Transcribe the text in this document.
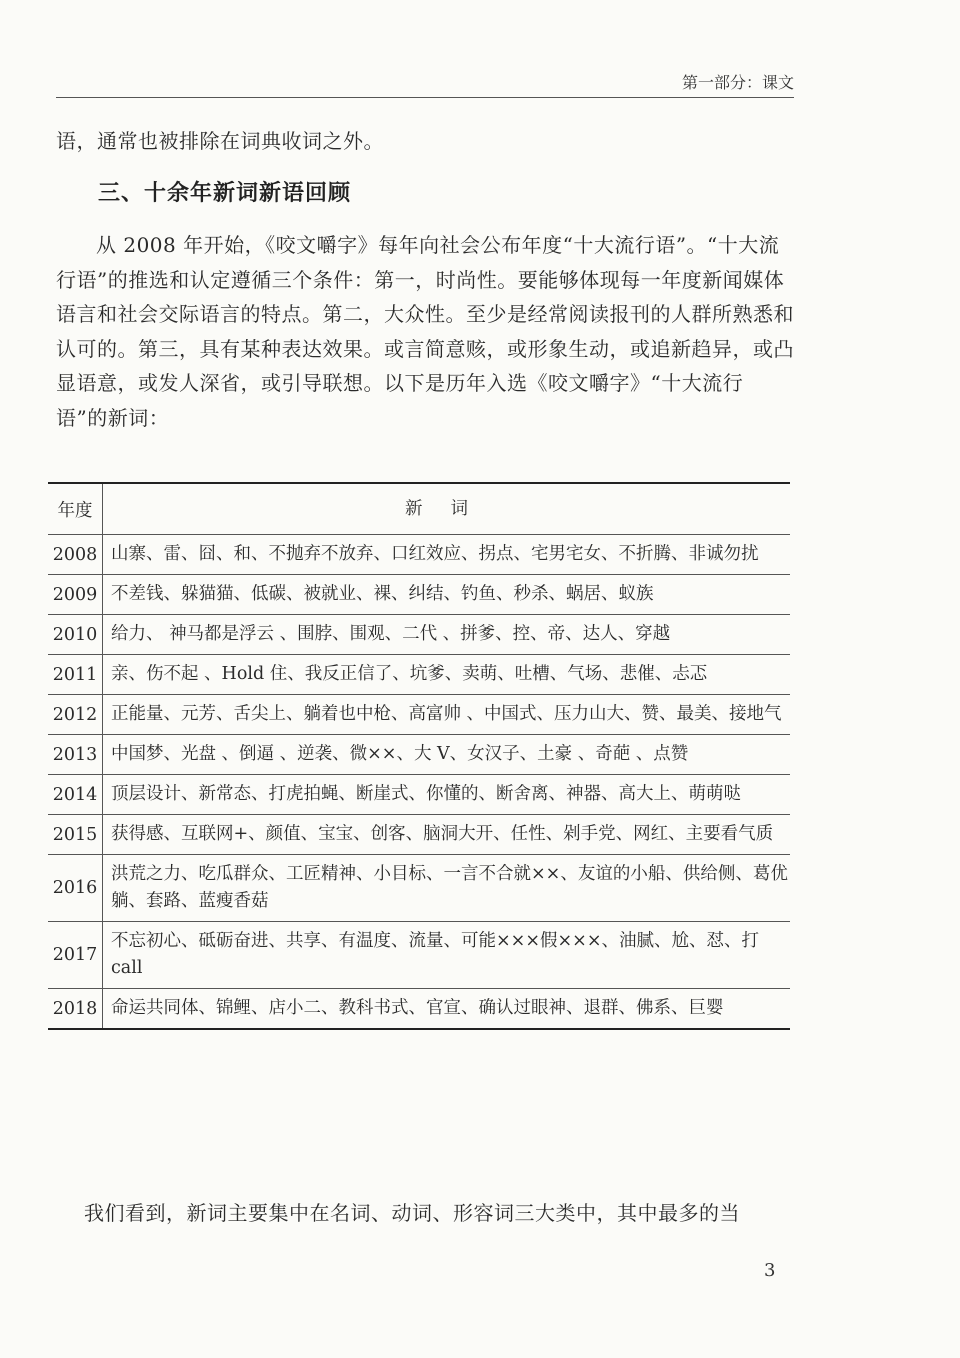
第一部分：课文
语，通常也被排除在词典收词之外。
三、十余年新词新语回顾
从 2008 年开始，《咬文嚼字》每年向社会公布年度“十大流行语”。“十大流行语”的推选和认定遵循三个条件：第一，时尚性。要能够体现每一年度新闻媒体语言和社会交际语言的特点。第二，大众性。至少是经常阅读报刊的人群所熟悉和认可的。第三，具有某种表达效果。或言简意赅，或形象生动，或追新趋异，或凸显语意，或发人深省，或引导联想。以下是历年入选《咬文嚼字》“十大流行语”的新词：
年度	新词
2008	山寨、雷、囧、和、不抛弃不放弃、口红效应、拐点、宅男宅女、不折腾、非诚勿扰
2009	不差钱、躲猫猫、低碳、被就业、裸、纠结、钓鱼、秒杀、蜗居、蚁族
2010	给力、 神马都是浮云 、围脖、围观、二代 、拼爹、控、帝、达人、穿越
2011	亲、伤不起 、Hold 住、我反正信了、坑爹、卖萌、吐槽、气场、悲催、忐忑
2012	正能量、元芳、舌尖上、躺着也中枪、高富帅 、中国式、压力山大、赞、最美、接地气
2013	中国梦、光盘 、倒逼 、逆袭、微××、大 V、女汉子、土豪 、奇葩 、点赞
2014	顶层设计、新常态、打虎拍蝇、断崖式、你懂的、断舍离、神器、高大上、萌萌哒
2015	获得感、互联网+、颜值、宝宝、创客、脑洞大开、任性、剁手党、网红、主要看气质
2016	洪荒之力、吃瓜群众、工匠精神、小目标、一言不合就××、友谊的小船、供给侧、葛优躺、套路、蓝瘦香菇
2017	不忘初心、砥砺奋进、共享、有温度、流量、可能×××假×××、油腻、尬、怼、打 call
2018	命运共同体、锦鲤、店小二、教科书式、官宣、确认过眼神、退群、佛系、巨婴
我们看到，新词主要集中在名词、动词、形容词三大类中，其中最多的当
3
